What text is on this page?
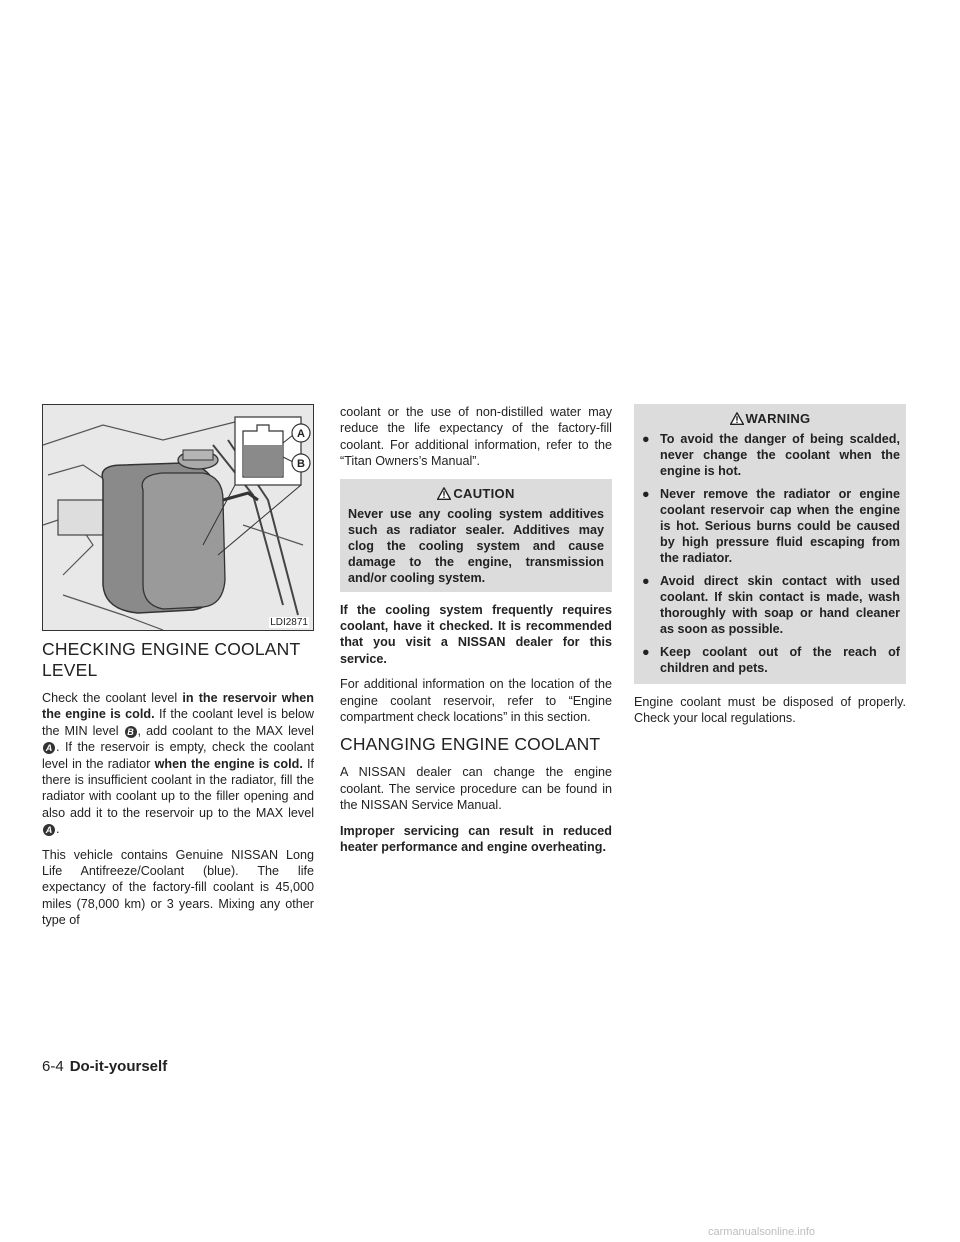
A
B
LDI2871
CHECKING ENGINE COOLANT LEVEL

Check the coolant level in the reservoir when the engine is cold. If the coolant level is below the MIN level B , add coolant to the MAX level A . If the reservoir is empty, check the coolant level in the radiator when the engine is cold. If there is insufficient coolant in the radiator, fill the radiator with coolant up to the filler opening and also add it to the reservoir up to the MAX level A .

This vehicle contains Genuine NISSAN Long Life Antifreeze/Coolant (blue). The life expectancy of the factory-fill coolant is 45,000 miles (78,000 km) or 3 years. Mixing any other type of

coolant or the use of non-distilled water may reduce the life expectancy of the factory-fill coolant. For additional information, refer to the “Titan Owners’s Manual”.

CAUTION
Never use any cooling system additives such as radiator sealer. Additives may clog the cooling system and cause damage to the engine, transmission and/or cooling system.

If the cooling system frequently requires coolant, have it checked. It is recommended that you visit a NISSAN dealer for this service.

For additional information on the location of the engine coolant reservoir, refer to “Engine compartment check locations” in this section.

CHANGING ENGINE COOLANT

A NISSAN dealer can change the engine coolant. The service procedure can be found in the NISSAN Service Manual.

Improper servicing can result in reduced heater performance and engine overheating.

WARNING
● To avoid the danger of being scalded, never change the coolant when the engine is hot.
● Never remove the radiator or engine coolant reservoir cap when the engine is hot. Serious burns could be caused by high pressure fluid escaping from the radiator.
● Avoid direct skin contact with used coolant. If skin contact is made, wash thoroughly with soap or hand cleaner as soon as possible.
● Keep coolant out of the reach of children and pets.

Engine coolant must be disposed of properly. Check your local regulations.

6-4 Do-it-yourself
carmanualsonline.info
